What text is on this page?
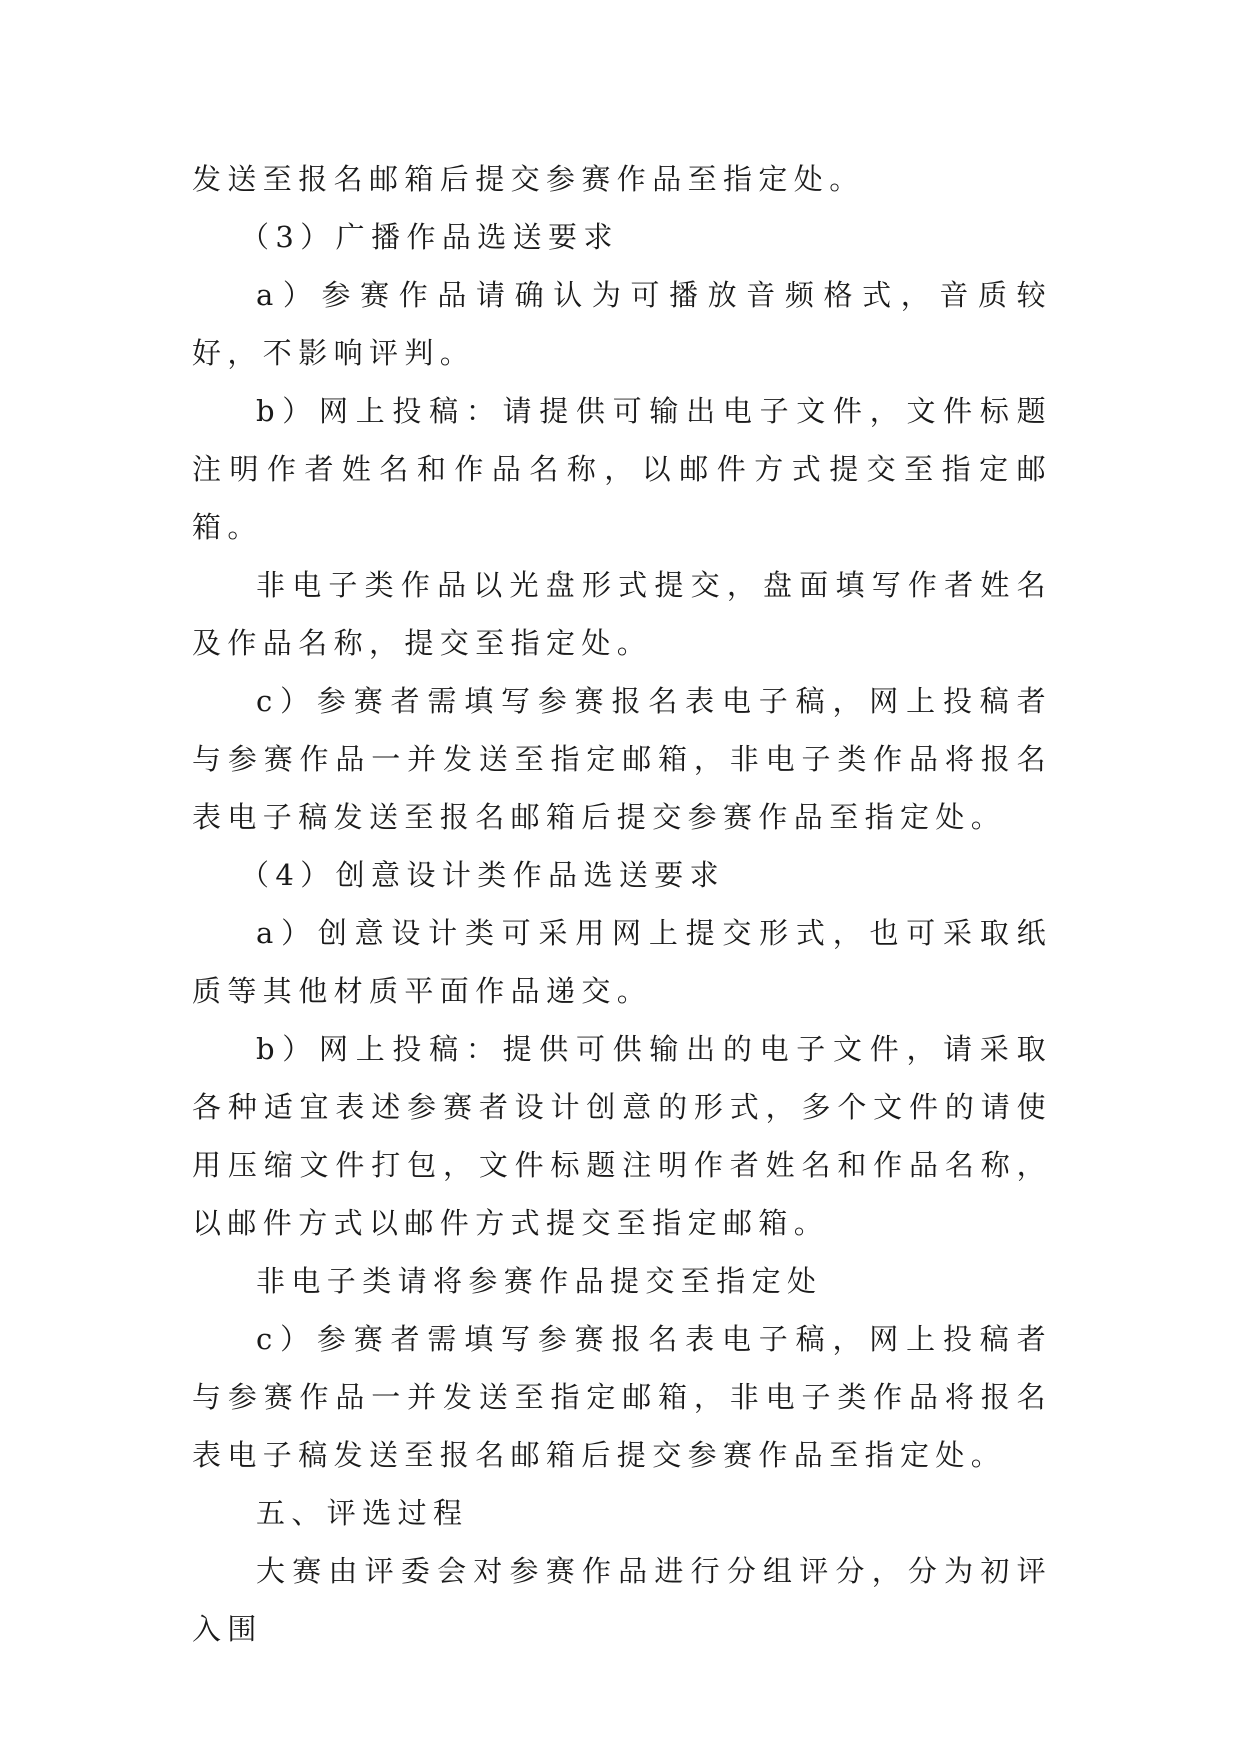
发送至报名邮箱后提交参赛作品至指定处。

（3）广播作品选送要求

a）参赛作品请确认为可播放音频格式，音质较好，不影响评判。

b）网上投稿：请提供可输出电子文件，文件标题注明作者姓名和作品名称，以邮件方式提交至指定邮箱。

非电子类作品以光盘形式提交，盘面填写作者姓名及作品名称，提交至指定处。

c）参赛者需填写参赛报名表电子稿，网上投稿者与参赛作品一并发送至指定邮箱，非电子类作品将报名表电子稿发送至报名邮箱后提交参赛作品至指定处。

（4）创意设计类作品选送要求

a）创意设计类可采用网上提交形式，也可采取纸质等其他材质平面作品递交。

b）网上投稿：提供可供输出的电子文件，请采取各种适宜表述参赛者设计创意的形式，多个文件的请使用压缩文件打包，文件标题注明作者姓名和作品名称，以邮件方式以邮件方式提交至指定邮箱。

非电子类请将参赛作品提交至指定处

c）参赛者需填写参赛报名表电子稿，网上投稿者与参赛作品一并发送至指定邮箱，非电子类作品将报名表电子稿发送至报名邮箱后提交参赛作品至指定处。

五、评选过程

大赛由评委会对参赛作品进行分组评分，分为初评入围
